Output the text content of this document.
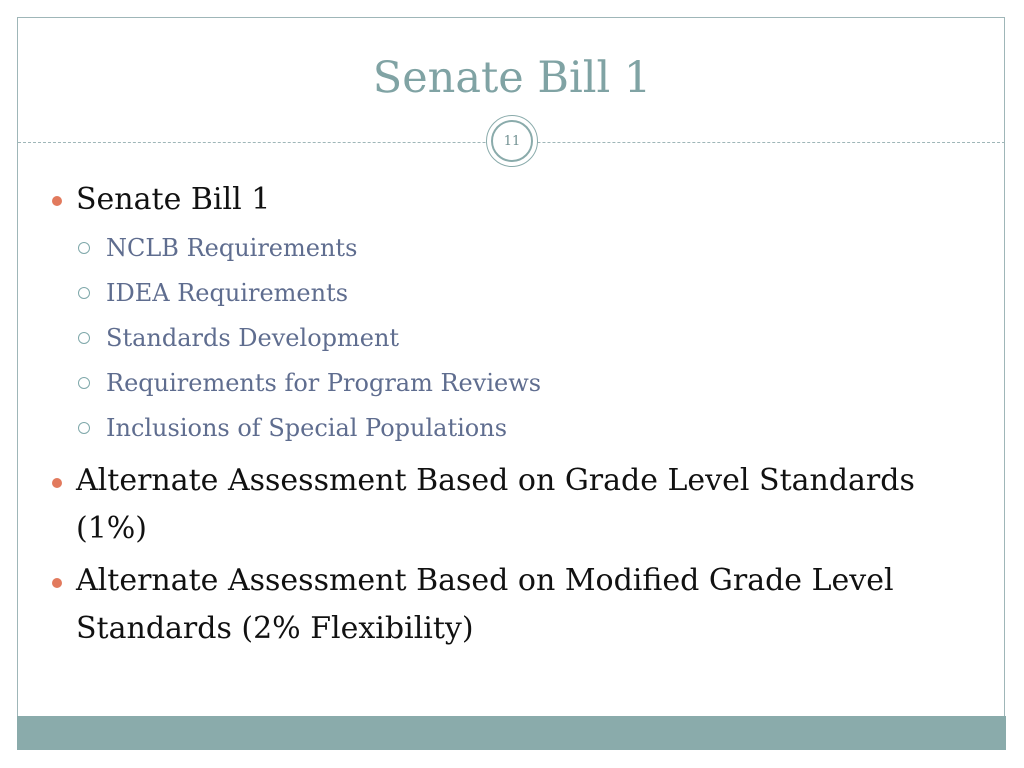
Senate Bill 1
11
Senate Bill 1
NCLB Requirements
IDEA Requirements
Standards Development
Requirements for Program Reviews
Inclusions of Special Populations
Alternate Assessment Based on Grade Level Standards (1%)
Alternate Assessment Based on Modified Grade Level Standards (2% Flexibility)
